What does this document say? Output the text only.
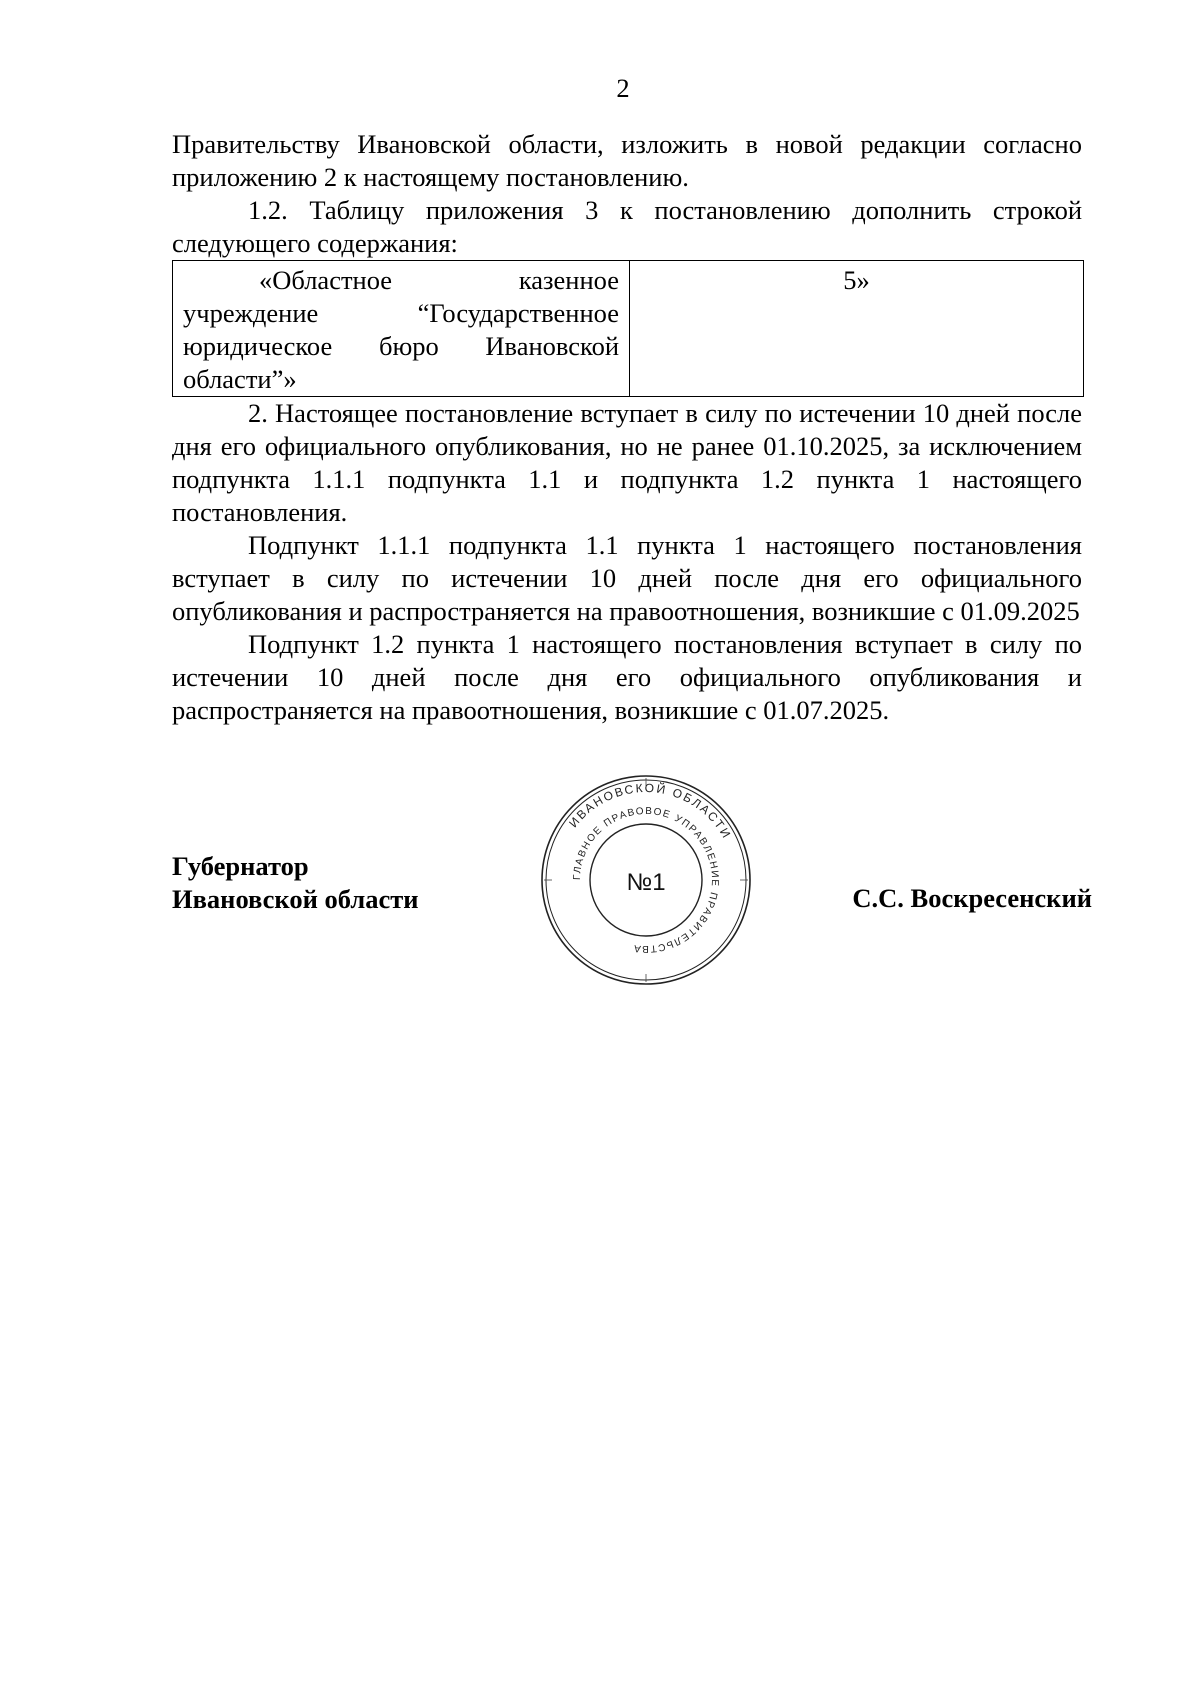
2

Правительству Ивановской области, изложить в новой редакции согласно приложению 2 к настоящему постановлению.

1.2. Таблицу приложения 3 к постановлению дополнить строкой следующего содержания:

«Областное казенное учреждение “Государственное юридическое бюро Ивановской области”»
	5»

2. Настоящее постановление вступает в силу по истечении 10 дней после дня его официального опубликования, но не ранее 01.10.2025, за исключением подпункта 1.1.1 подпункта 1.1 и подпункта 1.2 пункта 1 настоящего постановления.

Подпункт 1.1.1 подпункта 1.1 пункта 1 настоящего постановления вступает в силу по истечении 10 дней после дня его официального опубликования и распространяется на правоотношения, возникшие с 01.09.2025

Подпункт 1.2 пункта 1 настоящего постановления вступает в силу по истечении 10 дней после дня его официального опубликования и распространяется на правоотношения, возникшие с 01.07.2025.

ИВАНОВСКОЙ ОБЛАСТИ
ГЛАВНОЕ ПРАВОВОЕ УПРАВЛЕНИЕ ПРАВИТЕЛЬСТВА
№1
Губернатор
Ивановской области	С.С. Воскресенский
